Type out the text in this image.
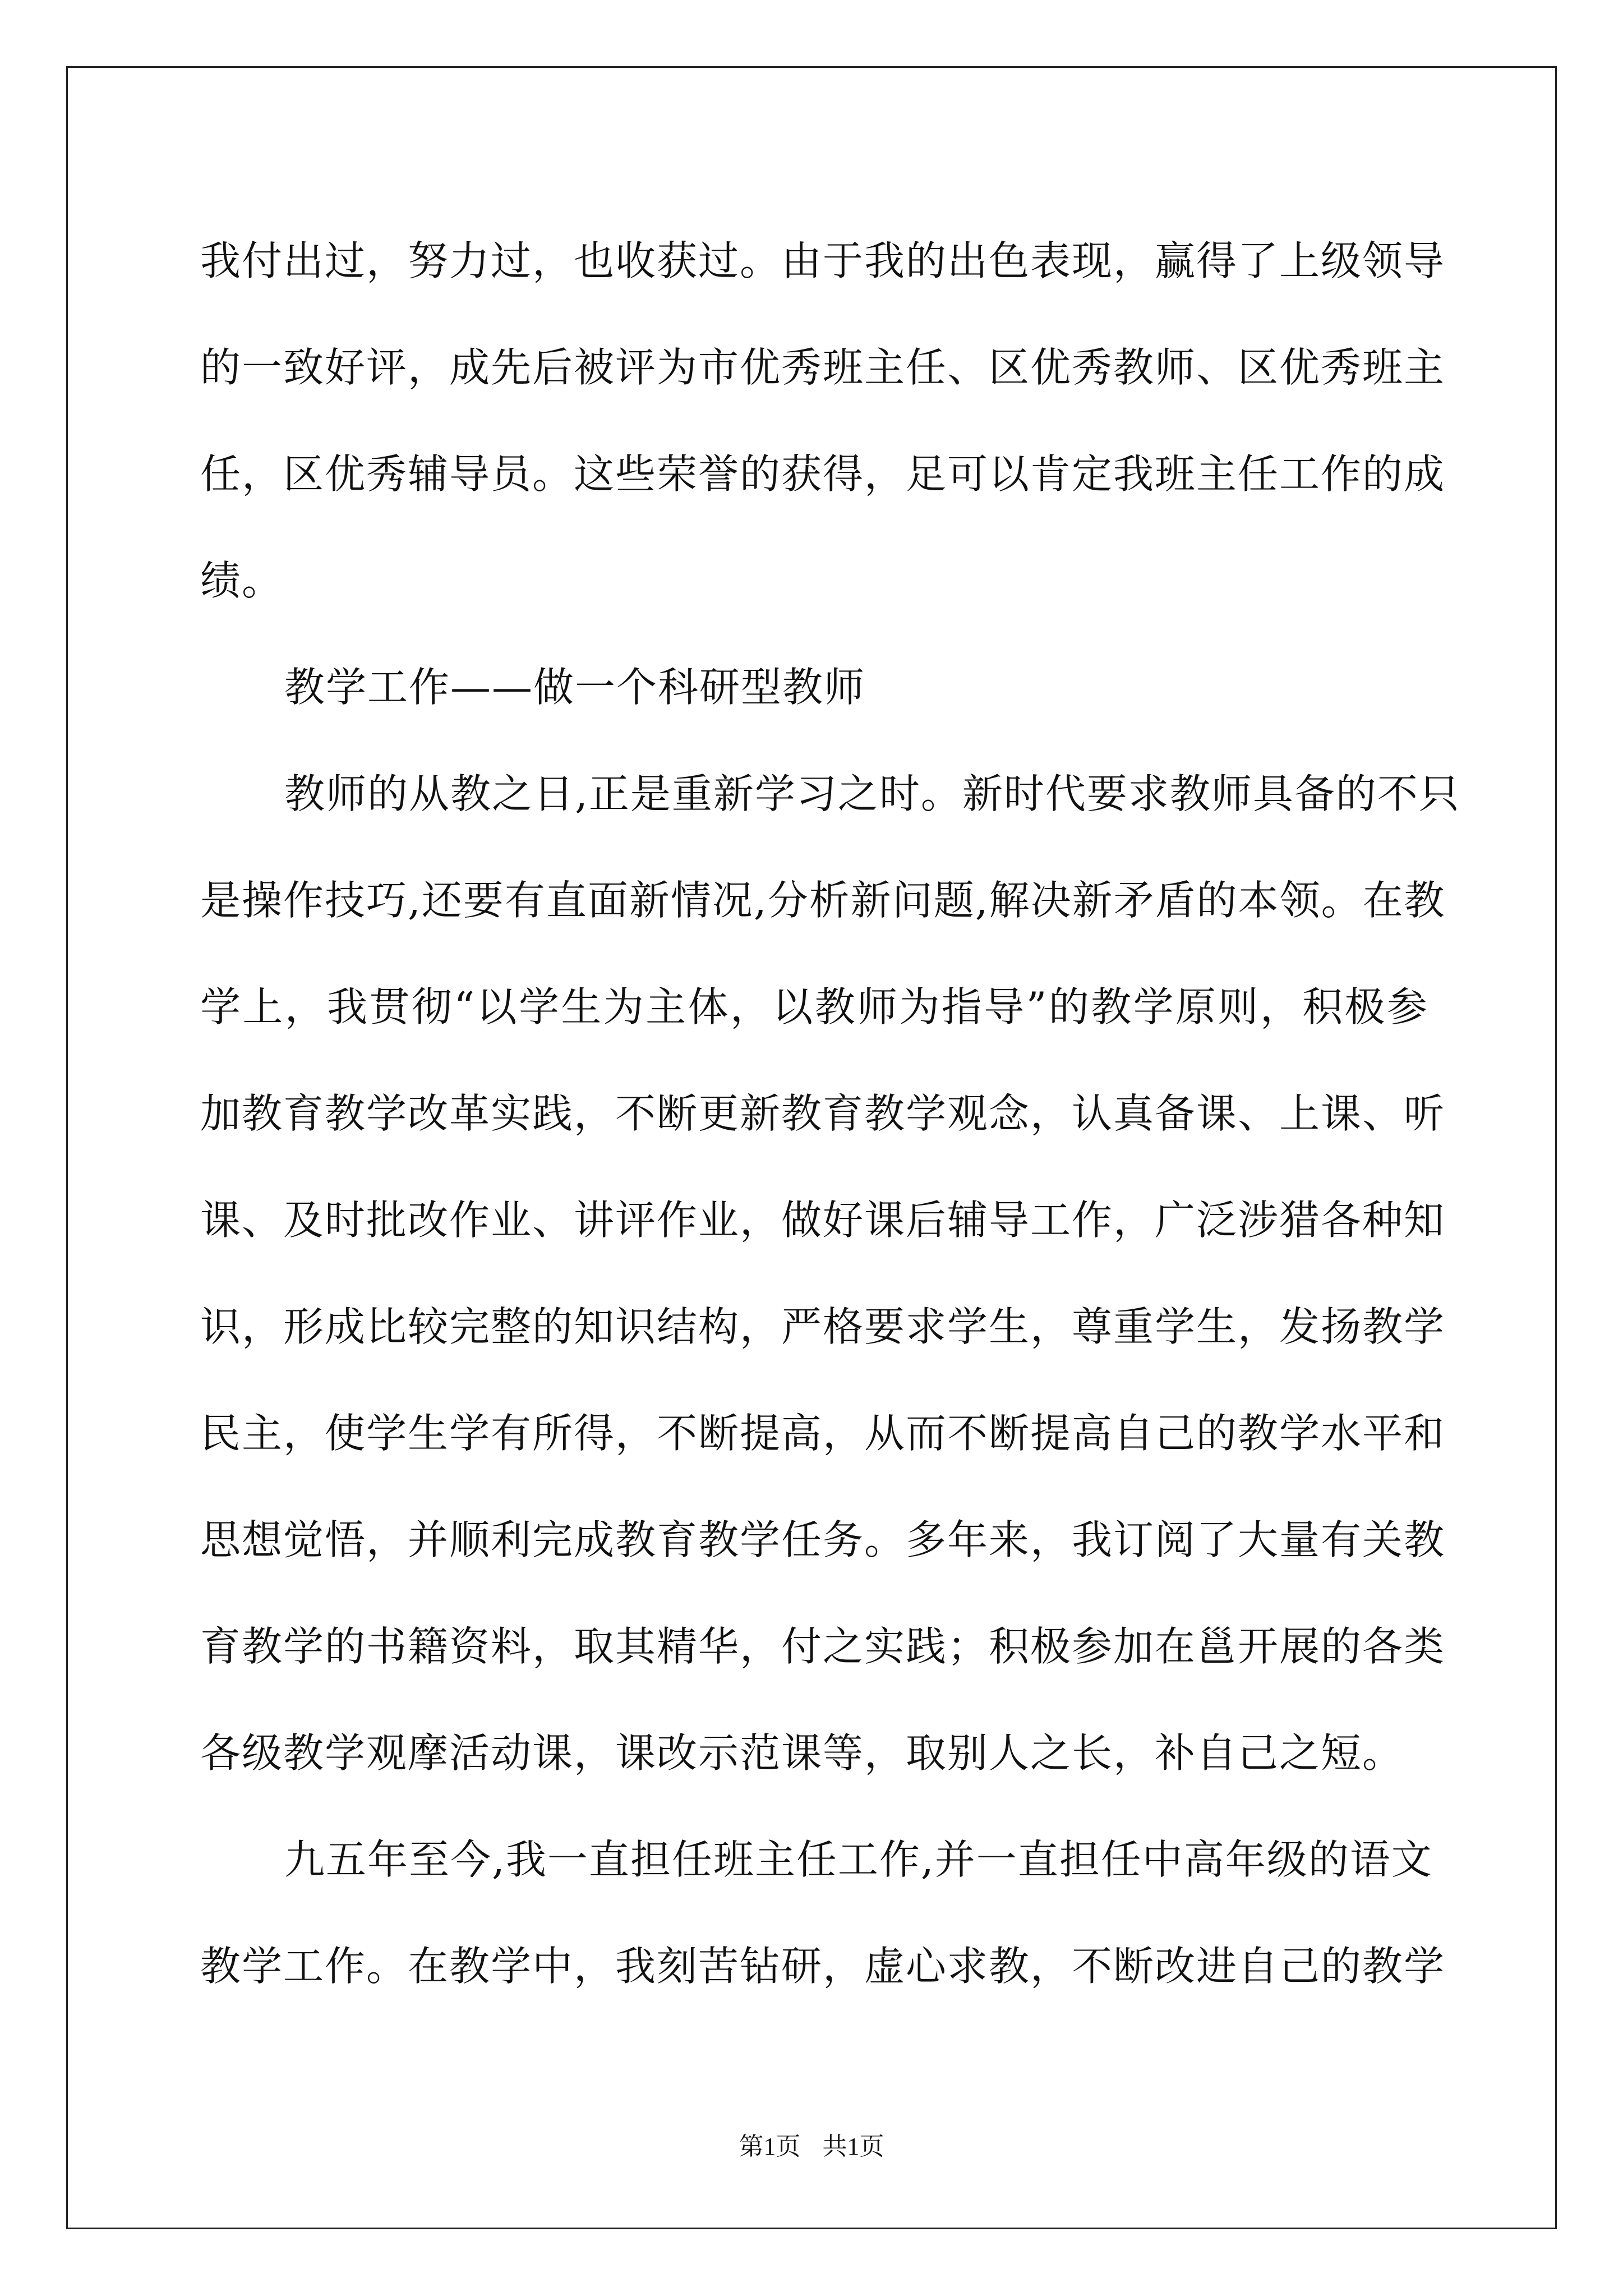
我付出过，努力过，也收获过。由于我的出色表现，赢得了上级领导
的一致好评，成先后被评为市优秀班主任、区优秀教师、区优秀班主
任，区优秀辅导员。这些荣誉的获得，足可以肯定我班主任工作的成
绩。
教学工作——做一个科研型教师
教师的从教之日,正是重新学习之时。新时代要求教师具备的不只
是操作技巧,还要有直面新情况,分析新问题,解决新矛盾的本领。在教
学上，我贯彻“以学生为主体，以教师为指导”的教学原则，积极参
加教育教学改革实践，不断更新教育教学观念，认真备课、上课、听
课、及时批改作业、讲评作业，做好课后辅导工作，广泛涉猎各种知
识，形成比较完整的知识结构，严格要求学生，尊重学生，发扬教学
民主，使学生学有所得，不断提高，从而不断提高自己的教学水平和
思想觉悟，并顺利完成教育教学任务。多年来，我订阅了大量有关教
育教学的书籍资料，取其精华，付之实践；积极参加在邕开展的各类
各级教学观摩活动课，课改示范课等，取别人之长，补自己之短。
九五年至今,我一直担任班主任工作,并一直担任中高年级的语文
教学工作。在教学中，我刻苦钻研，虚心求教，不断改进自己的教学
第1页 共1页
